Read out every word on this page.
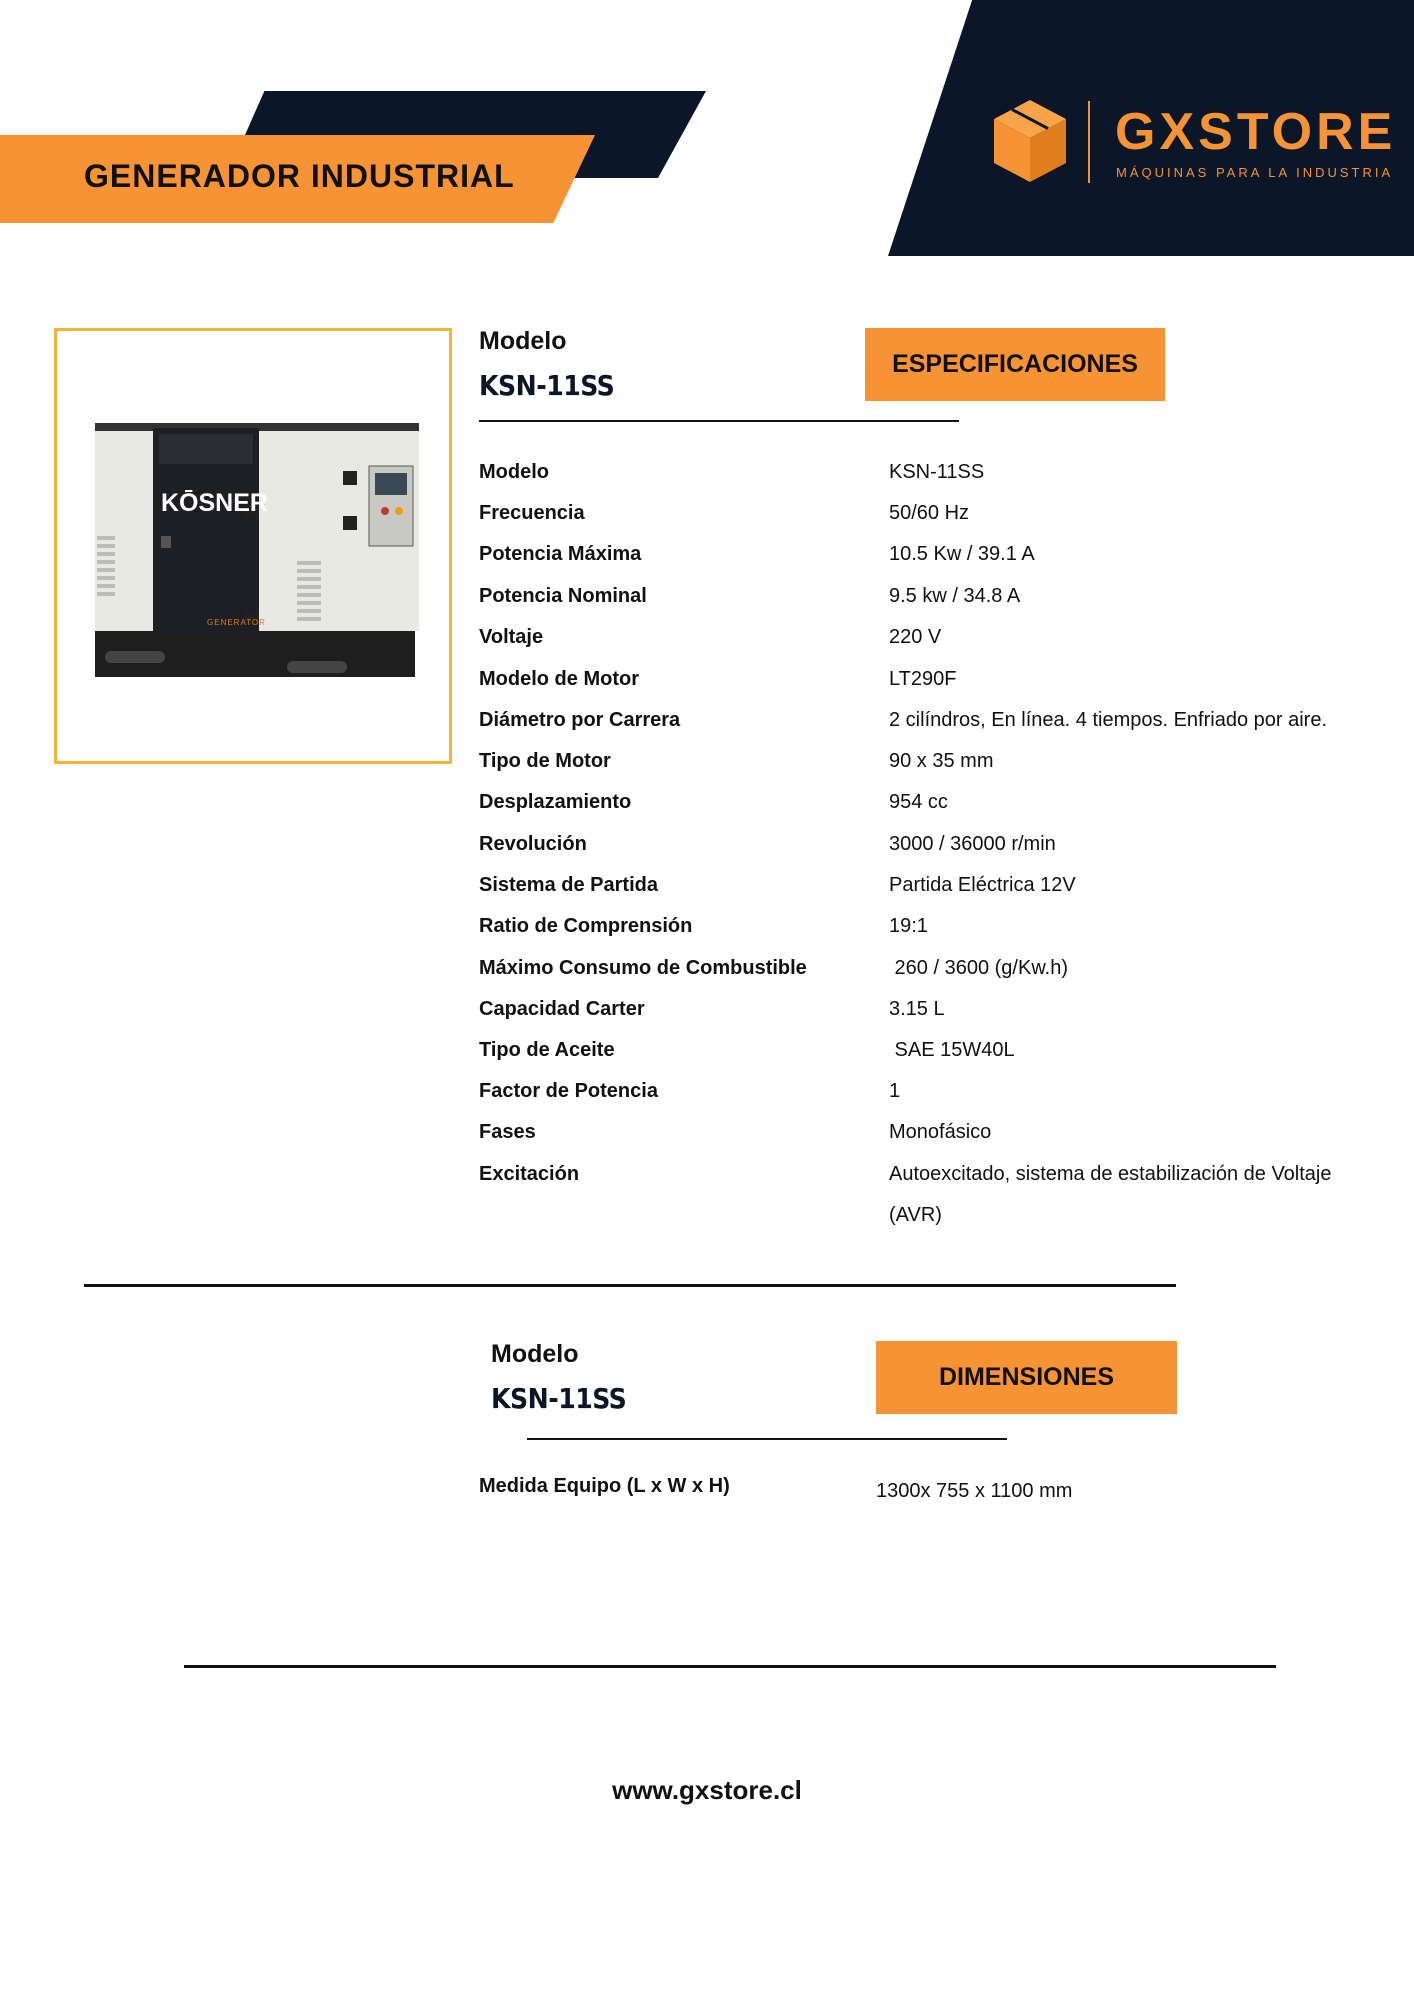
GENERADOR INDUSTRIAL
GXSTORE
MÁQUINAS PARA LA INDUSTRIA
KŌSNER
GENERATOR
Modelo
KSN-11SS
ESPECIFICACIONES
Modelo	KSN-11SS
Frecuencia	50/60 Hz
Potencia Máxima	10.5 Kw / 39.1 A
Potencia Nominal	9.5 kw / 34.8 A
Voltaje	220 V
Modelo de Motor	LT290F
Diámetro por Carrera	2 cilíndros, En línea. 4 tiempos. Enfriado por aire.
Tipo de Motor	90 x 35 mm
Desplazamiento	954 cc
Revolución	3000 / 36000 r/min
Sistema de Partida	Partida Eléctrica 12V
Ratio de Comprensión	19:1
Máximo Consumo de Combustible	260 / 3600 (g/Kw.h)
Capacidad Carter	3.15 L
Tipo de Aceite	SAE 15W40L
Factor de Potencia	1
Fases	Monofásico
Excitación	Autoexcitado, sistema de estabilización de Voltaje
(AVR)
Modelo
KSN-11SS
DIMENSIONES
Medida Equipo (L x W x H)	1300x 755 x 1100 mm
www.gxstore.cl
